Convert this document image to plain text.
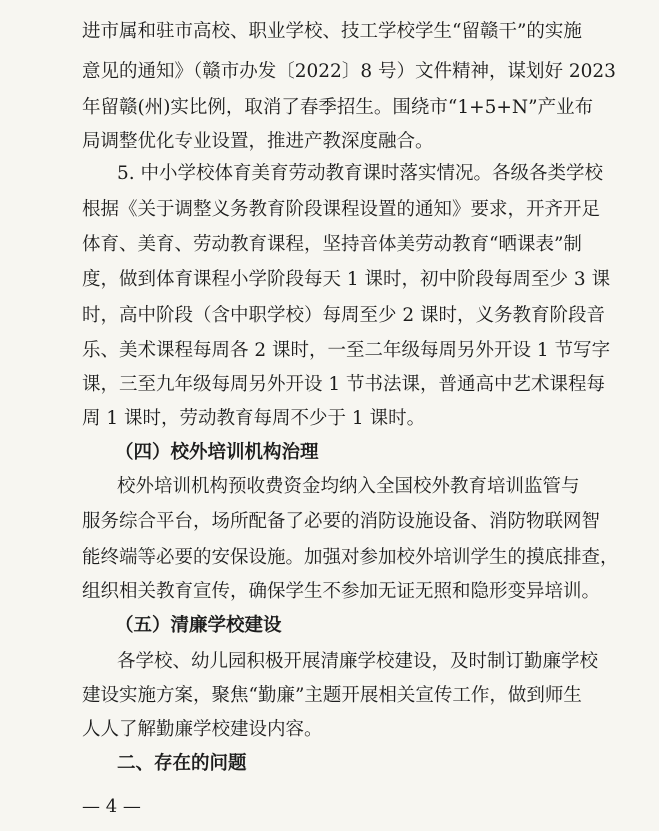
进市属和驻市高校、职业学校、技工学校学生“留赣干”的实施
意见的通知》（赣市办发〔2022〕8 号）文件精神，谋划好 2023
年留赣(州)实比例，取消了春季招生。围绕市“1+5+N”产业布
局调整优化专业设置，推进产教深度融合。
5. 中小学校体育美育劳动教育课时落实情况。各级各类学校
根据《关于调整义务教育阶段课程设置的通知》要求，开齐开足
体育、美育、劳动教育课程，坚持音体美劳动教育“晒课表”制
度，做到体育课程小学阶段每天 1 课时，初中阶段每周至少 3 课
时，高中阶段（含中职学校）每周至少 2 课时，义务教育阶段音
乐、美术课程每周各 2 课时，一至二年级每周另外开设 1 节写字
课，三至九年级每周另外开设 1 节书法课，普通高中艺术课程每
周 1 课时，劳动教育每周不少于 1 课时。
（四）校外培训机构治理
校外培训机构预收费资金均纳入全国校外教育培训监管与
服务综合平台，场所配备了必要的消防设施设备、消防物联网智
能终端等必要的安保设施。加强对参加校外培训学生的摸底排查，
组织相关教育宣传，确保学生不参加无证无照和隐形变异培训。
（五）清廉学校建设
各学校、幼儿园积极开展清廉学校建设，及时制订勤廉学校
建设实施方案，聚焦“勤廉”主题开展相关宣传工作，做到师生
人人了解勤廉学校建设内容。
二、存在的问题
— 4 —
